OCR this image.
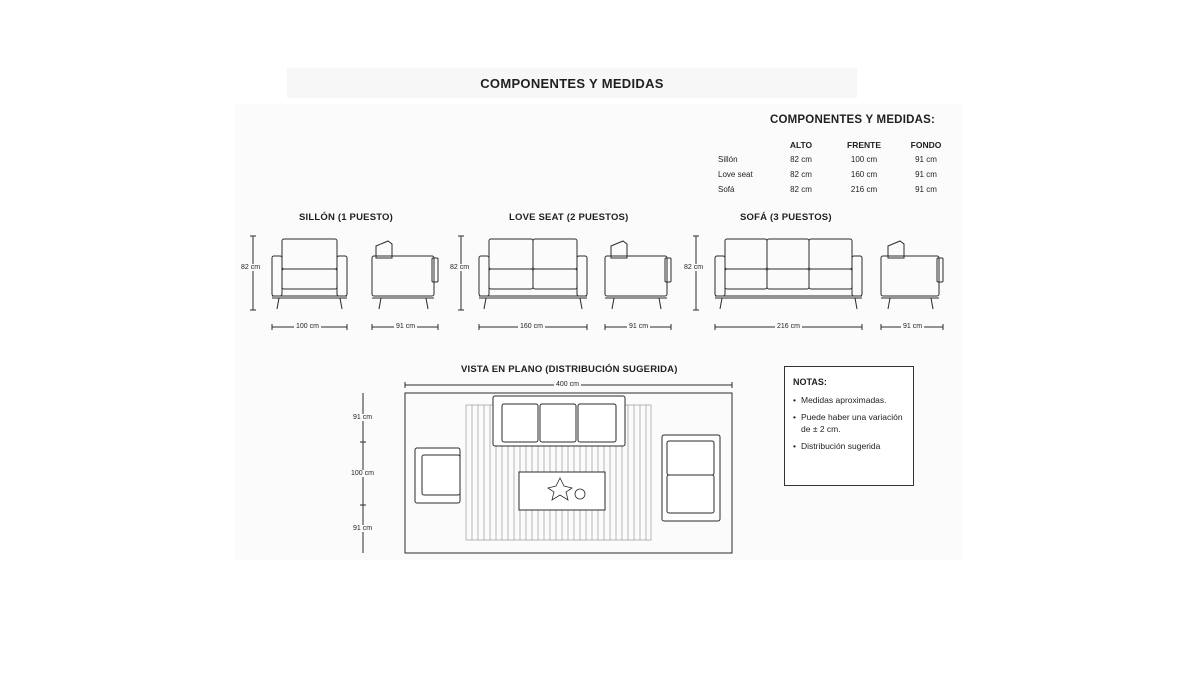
COMPONENTES Y MEDIDAS
COMPONENTES Y MEDIDAS:
	ALTO	FRENTE	FONDO
Sillón	82 cm	100 cm	91 cm
Love seat	82 cm	160 cm	91 cm
Sofá	82 cm	216 cm	91 cm
SILLÓN (1 PUESTO)	LOVE SEAT (2 PUESTOS)	SOFÁ (3 PUESTOS)
82 cm	82 cm	82 cm
100 cm	91 cm	160 cm	91 cm	216 cm	91 cm
VISTA EN PLANO (DISTRIBUCIÓN SUGERIDA)
400 cm
91 cm
100 cm
91 cm
NOTAS:
• Medidas aproximadas.
• Puede haber una variación de ± 2 cm.
• Distribución sugerida
